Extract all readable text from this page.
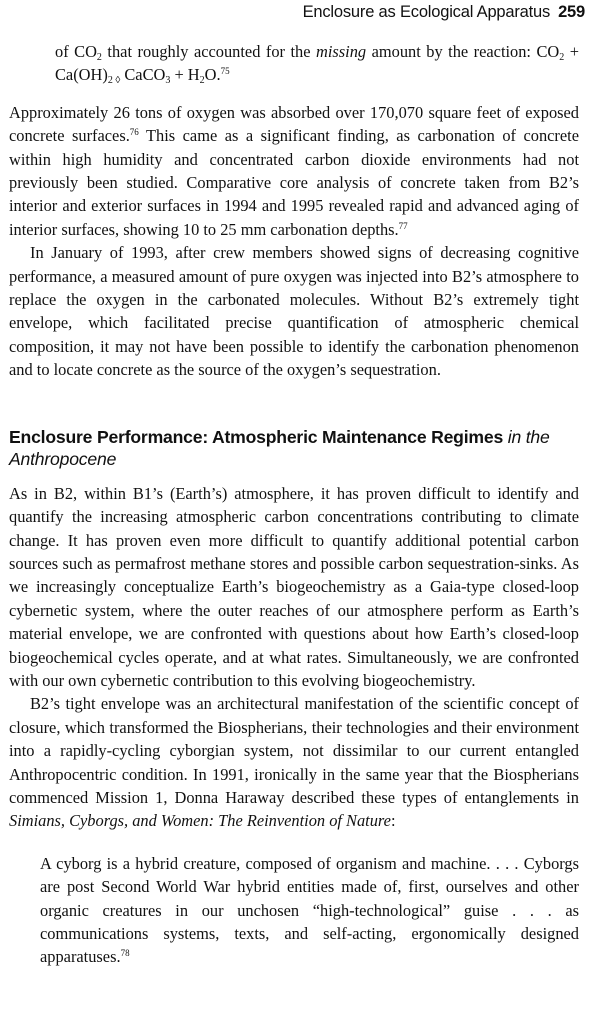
Enclosure as Ecological Apparatus 259

of $CO_2$ that roughly accounted for the missing amount by the reaction: $CO_2 + Ca(OH)_{2 ◊}$ CaCO$_3$ + $H_2O.^{75}$

Approximately 26 tons of oxygen was absorbed over 170,070 square feet of exposed concrete surfaces.$^{76}$ This came as a significant finding, as carbonation of concrete within high humidity and concentrated carbon dioxide environments had not previously been studied. Comparative core analysis of concrete taken from B2’s interior and exterior surfaces in 1994 and 1995 revealed rapid and advanced aging of interior surfaces, showing 10 to 25 mm carbonation depths.$^{77}$

In January of 1993, after crew members showed signs of decreasing cognitive performance, a measured amount of pure oxygen was injected into B2’s atmosphere to replace the oxygen in the carbonated molecules. Without B2’s extremely tight envelope, which facilitated precise quantification of atmospheric chemical composition, it may not have been possible to identify the carbonation phenomenon and to locate concrete as the source of the oxygen’s sequestration.

Enclosure Performance: Atmospheric Maintenance Regimes in the Anthropocene

As in B2, within B1’s (Earth’s) atmosphere, it has proven difficult to identify and quantify the increasing atmospheric carbon concentrations contributing to climate change. It has proven even more difficult to quantify additional potential carbon sources such as permafrost methane stores and possible carbon sequestration-sinks. As we increasingly conceptualize Earth’s biogeochemistry as a Gaia-type closed-loop cybernetic system, where the outer reaches of our atmosphere perform as Earth’s material envelope, we are confronted with questions about how Earth’s closed-loop biogeochemical cycles operate, and at what rates. Simultaneously, we are confronted with our own cybernetic contribution to this evolving biogeochemistry.

B2’s tight envelope was an architectural manifestation of the scientific concept of closure, which transformed the Biospherians, their technologies and their environment into a rapidly-cycling cyborgian system, not dissimilar to our current entangled Anthropocentric condition. In 1991, ironically in the same year that the Biospherians commenced Mission 1, Donna Haraway described these types of entanglements in Simians, Cyborgs, and Women: The Reinvention of Nature:

A cyborg is a hybrid creature, composed of organism and machine. . . . Cyborgs are post Second World War hybrid entities made of, first, ourselves and other organic creatures in our unchosen “high-technological” guise . . . as communications systems, texts, and self-acting, ergonomically designed apparatuses.$^{78}$
